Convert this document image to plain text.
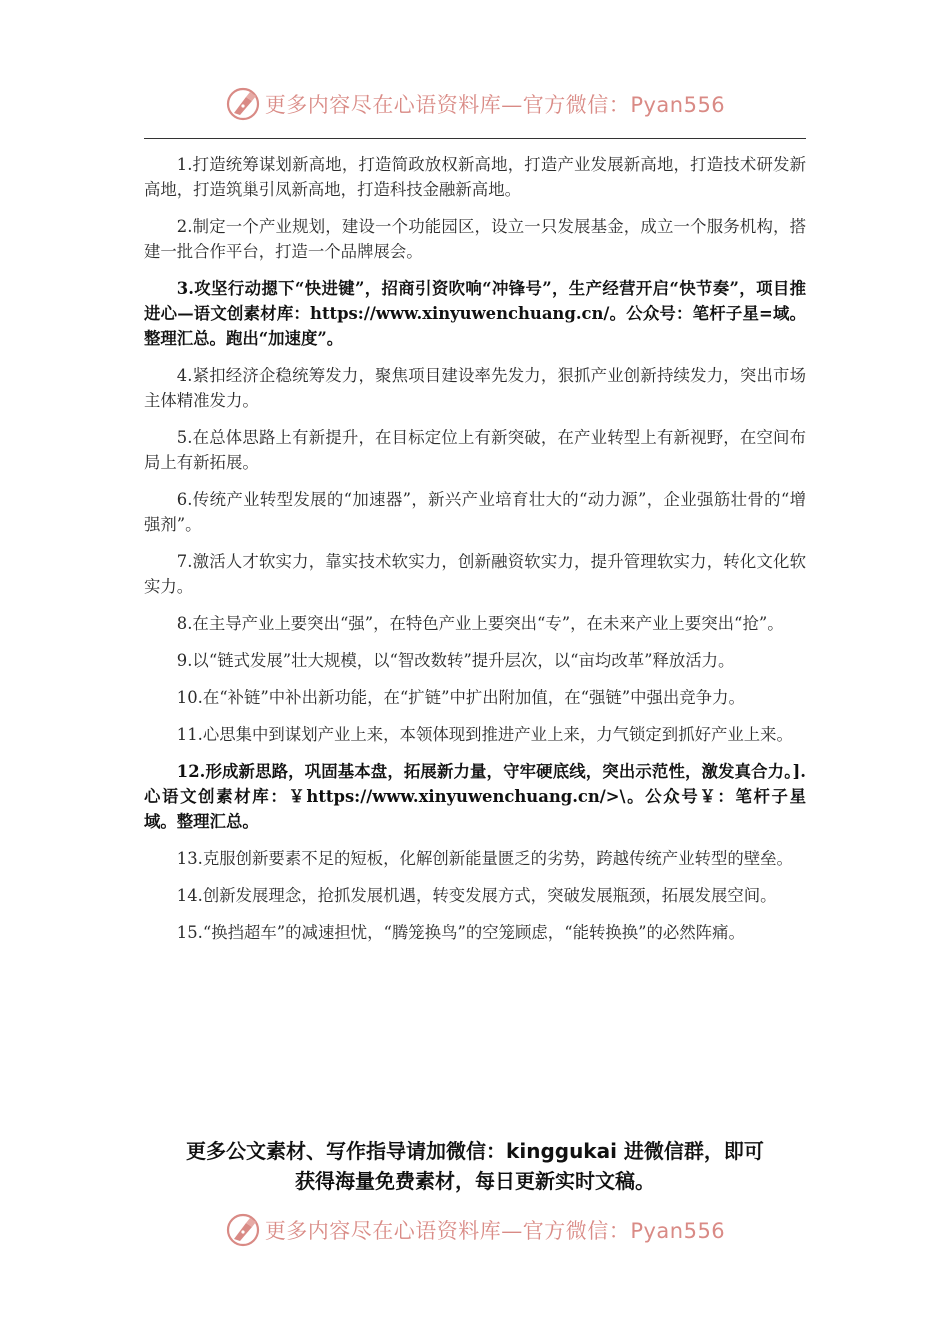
更多内容尽在心语资料库—官方微信：Pyan556

1.打造统筹谋划新高地，打造简政放权新高地，打造产业发展新高地，打造技术研发新高地，打造筑巢引凤新高地，打造科技金融新高地。

2.制定一个产业规划，建设一个功能园区，设立一只发展基金，成立一个服务机构，搭建一批合作平台，打造一个品牌展会。

3.攻坚行动摁下“快进键”，招商引资吹响“冲锋号”，生产经营开启“快节奏”，项目推进心—语文创素材库：https://www.xinyuwenchuang.cn/。公众号：笔杆子星=域。整理汇总。跑出“加速度”。

4.紧扣经济企稳统筹发力，聚焦项目建设率先发力，狠抓产业创新持续发力，突出市场主体精准发力。

5.在总体思路上有新提升，在目标定位上有新突破，在产业转型上有新视野，在空间布局上有新拓展。

6.传统产业转型发展的“加速器”，新兴产业培育壮大的“动力源”，企业强筋壮骨的“增强剂”。

7.激活人才软实力，靠实技术软实力，创新融资软实力，提升管理软实力，转化文化软实力。

8.在主导产业上要突出“强”，在特色产业上要突出“专”，在未来产业上要突出“抢”。

9.以“链式发展”壮大规模，以“智改数转”提升层次，以“亩均改革”释放活力。

10.在“补链”中补出新功能，在“扩链”中扩出附加值，在“强链”中强出竞争力。

11.心思集中到谋划产业上来，本领体现到推进产业上来，力气锁定到抓好产业上来。

12.形成新思路，巩固基本盘，拓展新力量，守牢硬底线，突出示范性，激发真合力。].心语文创素材库：￥https://www.xinyuwenchuang.cn/>\。公众号￥：笔杆子星域。整理汇总。

13.克服创新要素不足的短板，化解创新能量匮乏的劣势，跨越传统产业转型的壁垒。

14.创新发展理念，抢抓发展机遇，转变发展方式，突破发展瓶颈，拓展发展空间。

15.“换挡超车”的减速担忧，“腾笼换鸟”的空笼顾虑，“能转换换”的必然阵痛。

更多公文素材、写作指导请加微信：kinggukai 进微信群，即可
获得海量免费素材，每日更新实时文稿。
更多内容尽在心语资料库—官方微信：Pyan556
